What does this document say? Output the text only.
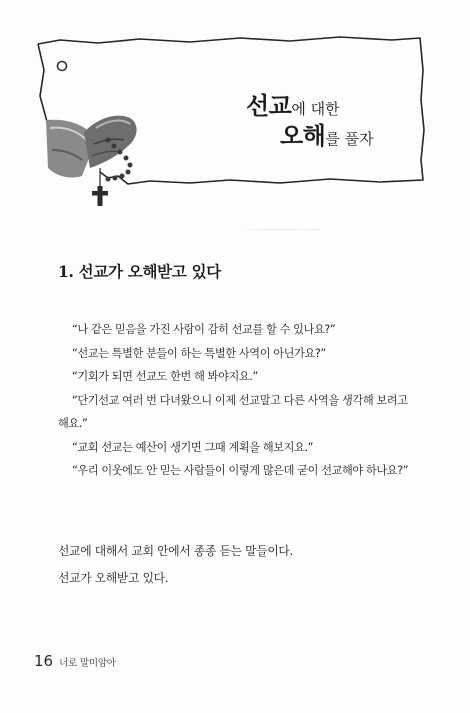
선교에 대한
오해를 풀자
1. 선교가 오해받고 있다

“나 같은 믿음을 가진 사람이 감히 선교를 할 수 있나요?”

“선교는 특별한 분들이 하는 특별한 사역이 아닌가요?”

“기회가 되면 선교도 한번 해 봐야지요.”

“단기선교 여러 번 다녀왔으니 이제 선교말고 다른 사역을 생각해 보려고 해요.”

“교회 선교는 예산이 생기면 그때 계획을 해보지요.”

“우리 이웃에도 안 믿는 사람들이 이렇게 많은데 굳이 선교해야 하나요?”

선교에 대해서 교회 안에서 종종 듣는 말들이다.

선교가 오해받고 있다.

16 너로 말미암아
